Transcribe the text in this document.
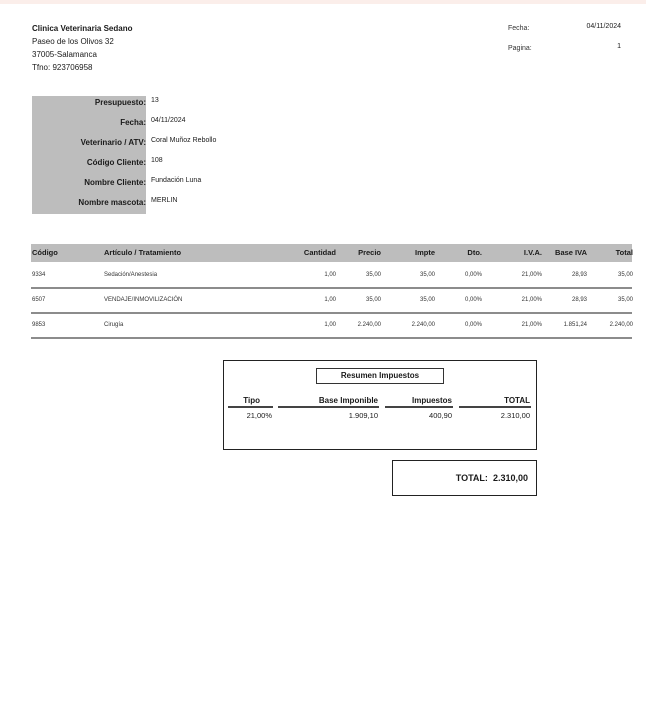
Clinica Veterinaria Sedano
Paseo de los Olivos 32
37005-Salamanca
Tfno: 923706958
Fecha:	04/11/2024
Pagina:	1
Presupuesto: 13
Fecha: 04/11/2024
Veterinario / ATV: Coral Muñoz Rebollo
Código Cliente: 108
Nombre Cliente: Fundación Luna
Nombre mascota: MERLIN
Código	Artículo / Tratamiento	Cantidad	Precio	Impte	Dto.	I.V.A.	Base IVA	Total
9334	Sedación/Anestesia	1,00	35,00	35,00	0,00%	21,00%	28,93	35,00
6507	VENDAJE/INMOVILIZACIÓN	1,00	35,00	35,00	0,00%	21,00%	28,93	35,00
9853	Cirugía	1,00	2.240,00	2.240,00	0,00%	21,00%	1.851,24	2.240,00
Resumen Impuestos
Tipo	Base Imponible	Impuestos	TOTAL
21,00%	1.909,10	400,90	2.310,00
TOTAL: 2.310,00
